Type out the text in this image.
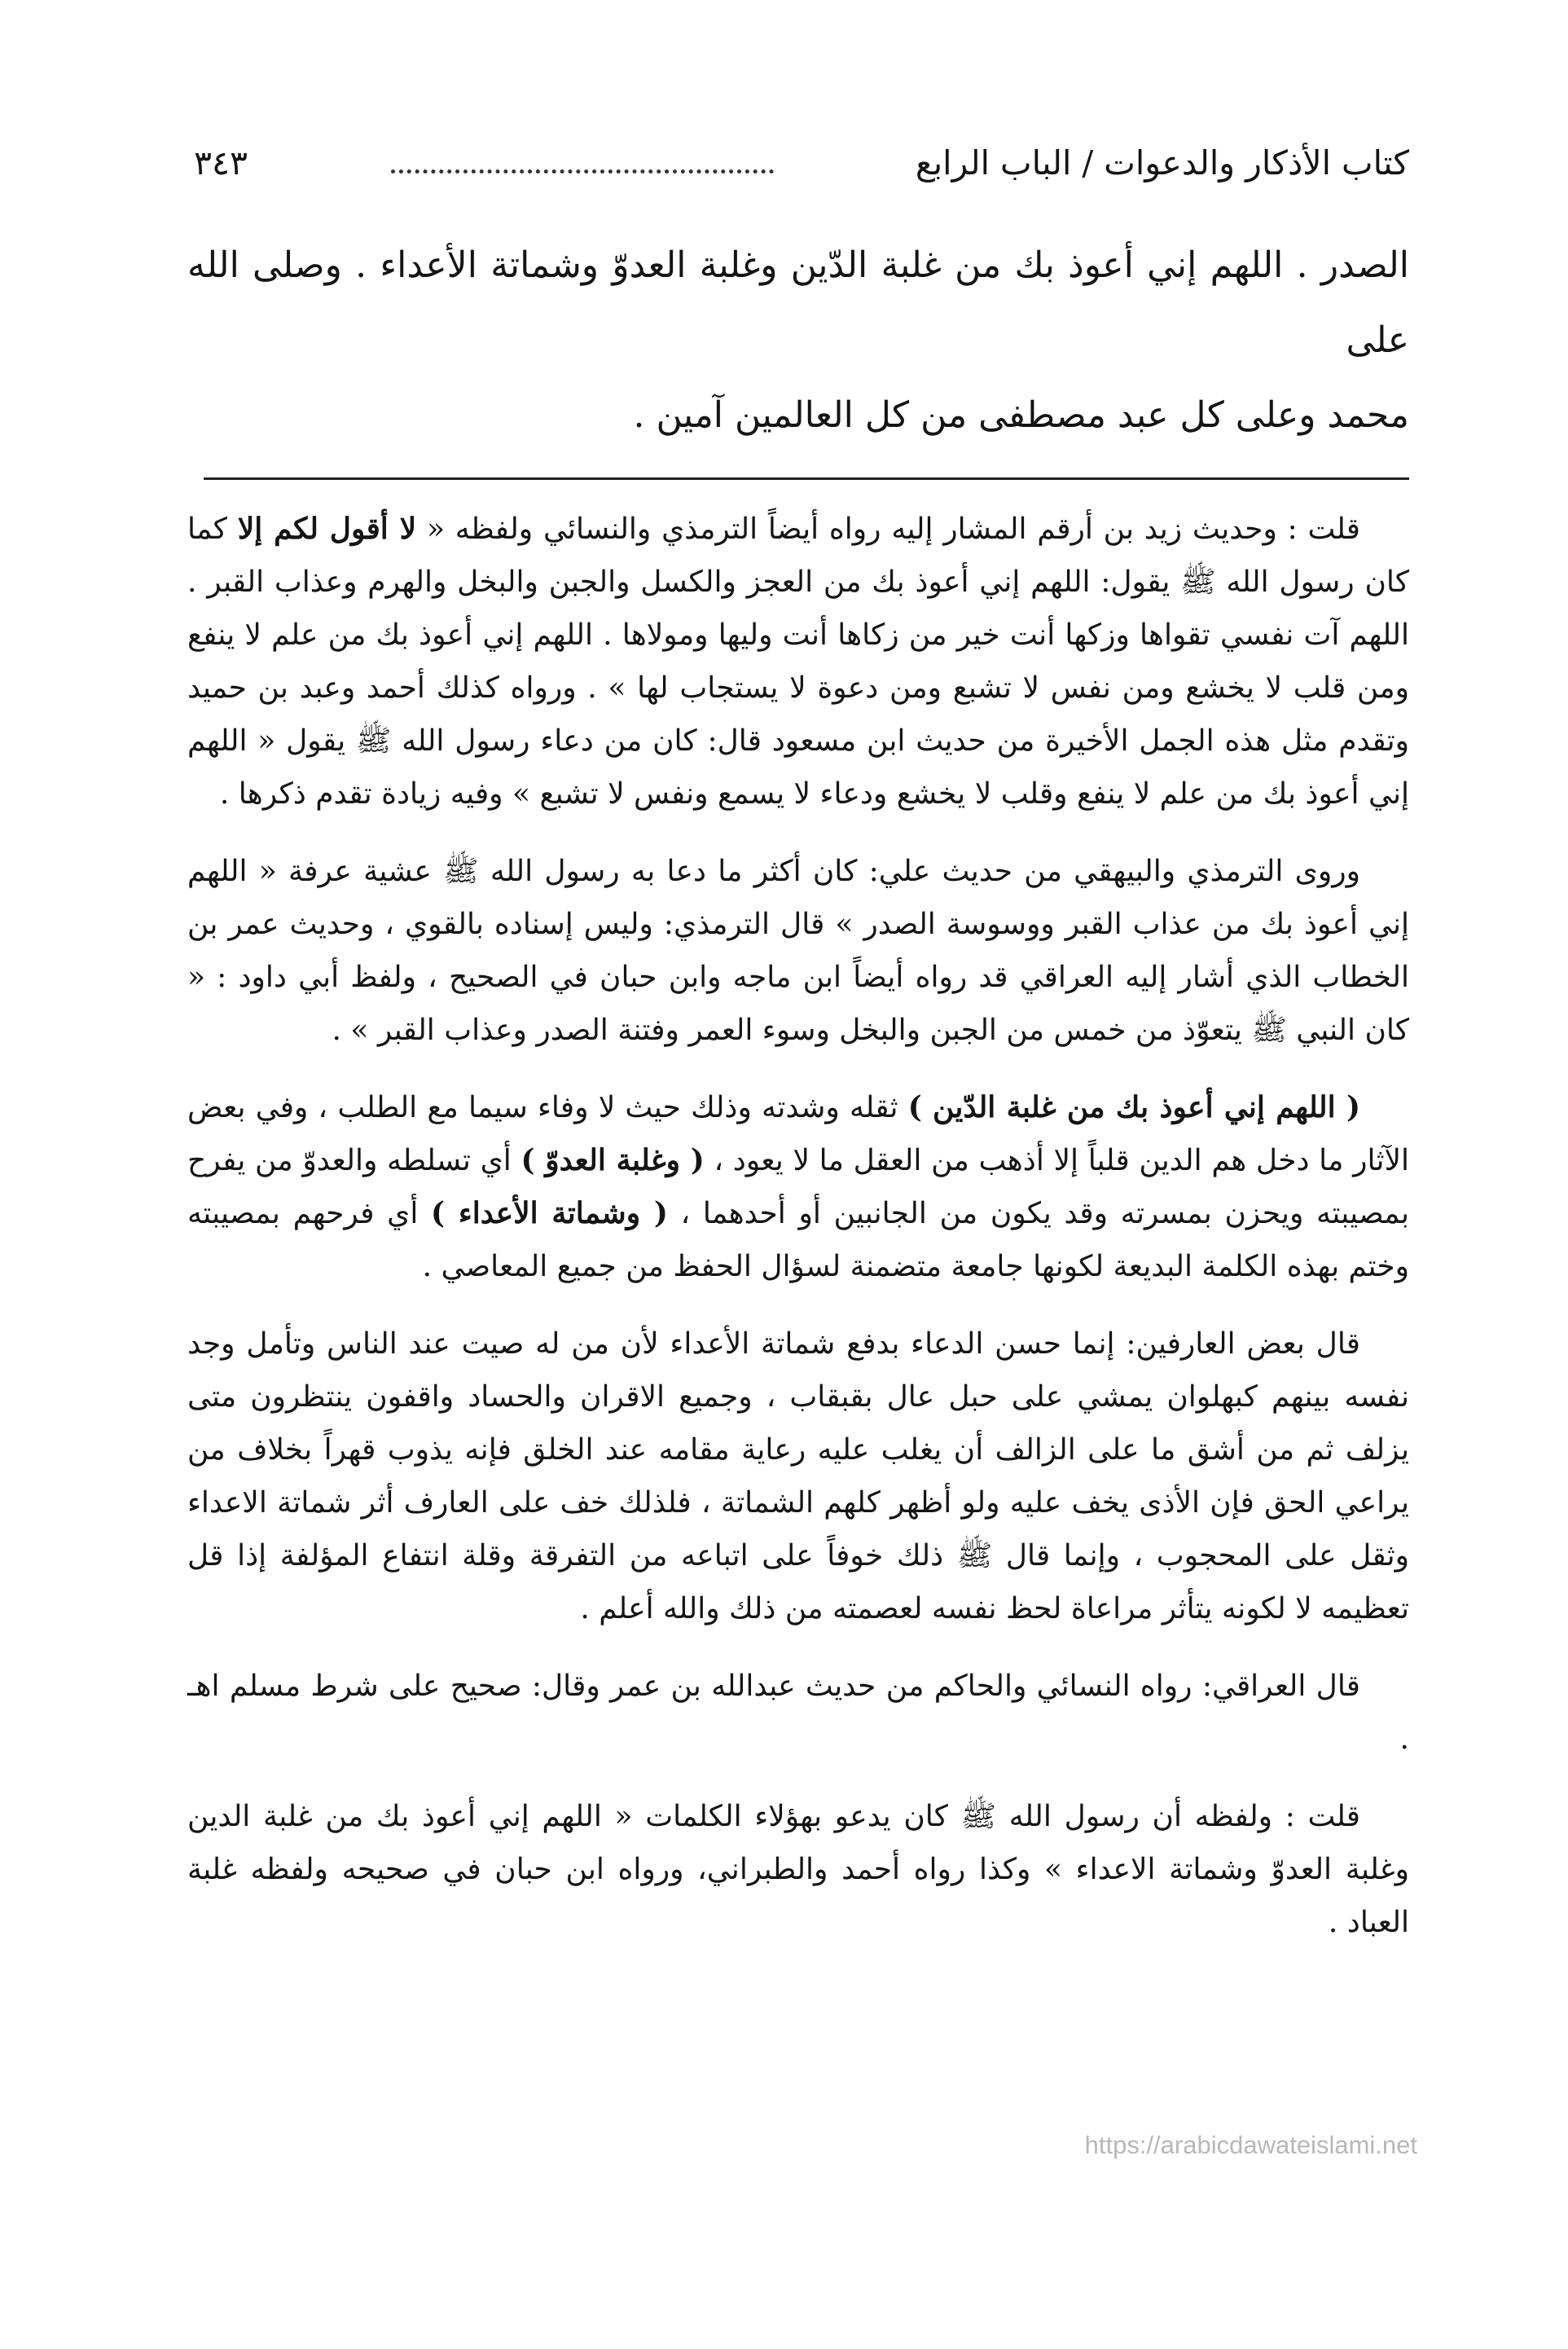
كتاب الأذكار والدعوات / الباب الرابع
٣٤٣

الصدر . اللهم إني أعوذ بك من غلبة الدّين وغلبة العدوّ وشماتة الأعداء . وصلى الله على

محمد وعلى كل عبد مصطفى من كل العالمين آمين .

قلت : وحديث زيد بن أرقم المشار إليه رواه أيضاً الترمذي والنسائي ولفظه « لا أقول لكم إلا كما كان رسول الله ﷺ يقول: اللهم إني أعوذ بك من العجز والكسل والجبن والبخل والهرم وعذاب القبر . اللهم آت نفسي تقواها وزكها أنت خير من زكاها أنت وليها ومولاها . اللهم إني أعوذ بك من علم لا ينفع ومن قلب لا يخشع ومن نفس لا تشبع ومن دعوة لا يستجاب لها » . ورواه كذلك أحمد وعبد بن حميد وتقدم مثل هذه الجمل الأخيرة من حديث ابن مسعود قال: كان من دعاء رسول الله ﷺ يقول « اللهم إني أعوذ بك من علم لا ينفع وقلب لا يخشع ودعاء لا يسمع ونفس لا تشبع » وفيه زيادة تقدم ذكرها .

وروى الترمذي والبيهقي من حديث علي: كان أكثر ما دعا به رسول الله ﷺ عشية عرفة « اللهم إني أعوذ بك من عذاب القبر ووسوسة الصدر » قال الترمذي: وليس إسناده بالقوي ، وحديث عمر بن الخطاب الذي أشار إليه العراقي قد رواه أيضاً ابن ماجه وابن حبان في الصحيح ، ولفظ أبي داود : « كان النبي ﷺ يتعوّذ من خمس من الجبن والبخل وسوء العمر وفتنة الصدر وعذاب القبر » .

( اللهم إني أعوذ بك من غلبة الدّين ) ثقله وشدته وذلك حيث لا وفاء سيما مع الطلب ، وفي بعض الآثار ما دخل هم الدين قلباً إلا أذهب من العقل ما لا يعود ، ( وغلبة العدوّ ) أي تسلطه والعدوّ من يفرح بمصيبته ويحزن بمسرته وقد يكون من الجانبين أو أحدهما ، ( وشماتة الأعداء ) أي فرحهم بمصيبته وختم بهذه الكلمة البديعة لكونها جامعة متضمنة لسؤال الحفظ من جميع المعاصي .

قال بعض العارفين: إنما حسن الدعاء بدفع شماتة الأعداء لأن من له صيت عند الناس وتأمل وجد نفسه بينهم كبهلوان يمشي على حبل عال بقبقاب ، وجميع الاقران والحساد واقفون ينتظرون متى يزلف ثم من أشق ما على الزالف أن يغلب عليه رعاية مقامه عند الخلق فإنه يذوب قهراً بخلاف من يراعي الحق فإن الأذى يخف عليه ولو أظهر كلهم الشماتة ، فلذلك خف على العارف أثر شماتة الاعداء وثقل على المحجوب ، وإنما قال ﷺ ذلك خوفاً على اتباعه من التفرقة وقلة انتفاع المؤلفة إذا قل تعظيمه لا لكونه يتأثر مراعاة لحظ نفسه لعصمته من ذلك والله أعلم .

قال العراقي: رواه النسائي والحاكم من حديث عبدالله بن عمر وقال: صحيح على شرط مسلم اهـ .

قلت : ولفظه أن رسول الله ﷺ كان يدعو بهؤلاء الكلمات « اللهم إني أعوذ بك من غلبة الدين وغلبة العدوّ وشماتة الاعداء » وكذا رواه أحمد والطبراني، ورواه ابن حبان في صحيحه ولفظه غلبة العباد .

https://arabicdawateislami.net
